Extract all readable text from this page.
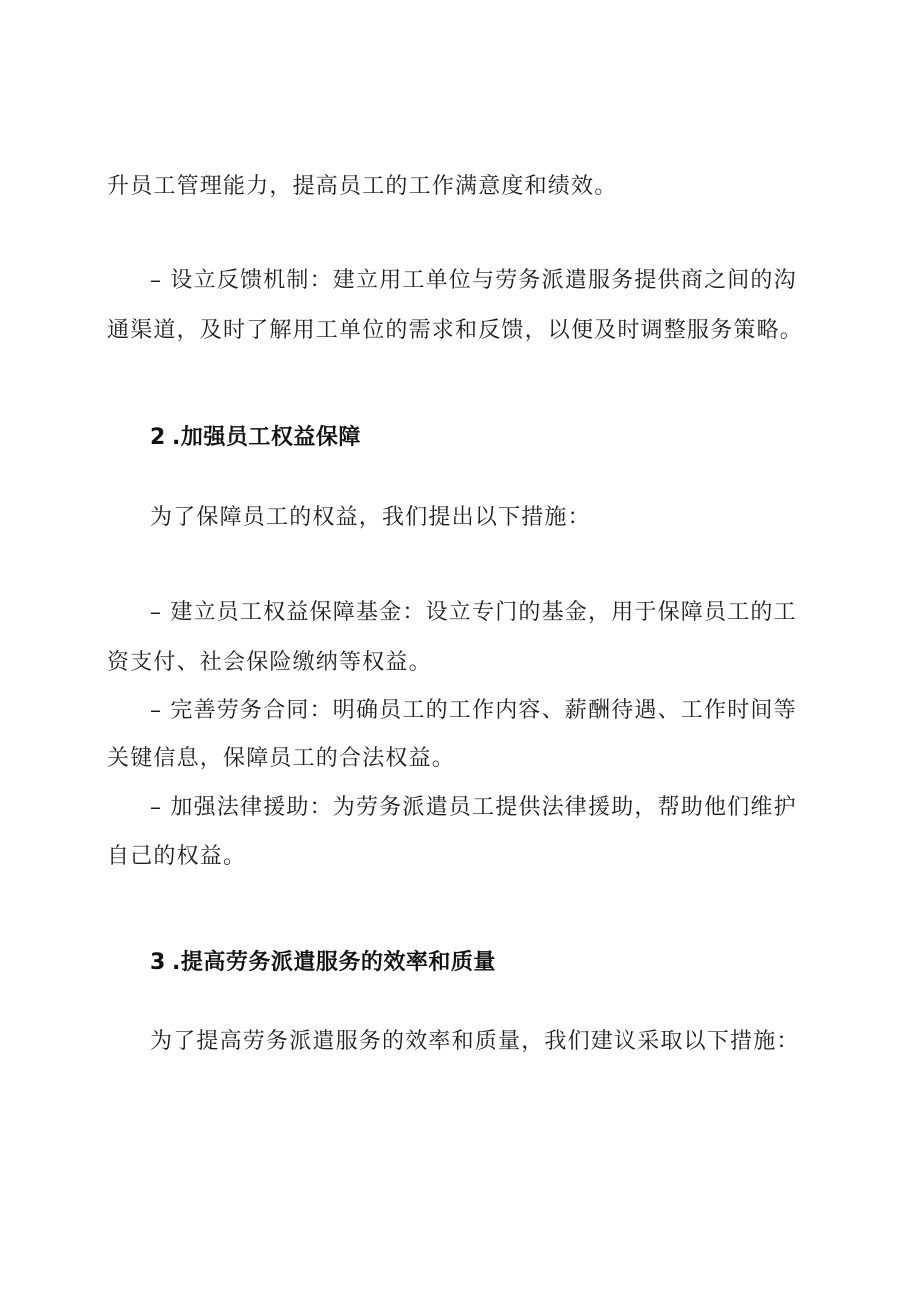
升员工管理能力，提高员工的工作满意度和绩效。
– 设立反馈机制：建立用工单位与劳务派遣服务提供商之间的沟
通渠道，及时了解用工单位的需求和反馈，以便及时调整服务策略。
2 .加强员工权益保障
为了保障员工的权益，我们提出以下措施：
– 建立员工权益保障基金：设立专门的基金，用于保障员工的工
资支付、社会保险缴纳等权益。
– 完善劳务合同：明确员工的工作内容、薪酬待遇、工作时间等
关键信息，保障员工的合法权益。
– 加强法律援助：为劳务派遣员工提供法律援助，帮助他们维护
自己的权益。
3 .提高劳务派遣服务的效率和质量
为了提高劳务派遣服务的效率和质量，我们建议采取以下措施：
